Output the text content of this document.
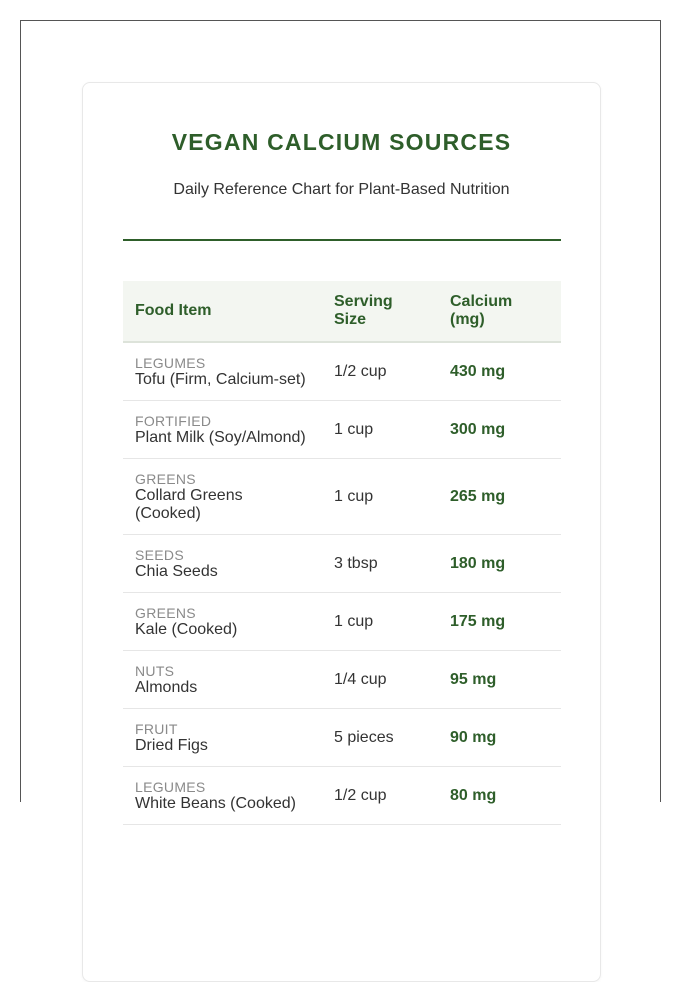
VEGAN CALCIUM SOURCES

Daily Reference Chart for Plant-Based Nutrition

Food Item	Serving Size	Calcium (mg)

LEGUMES
Tofu (Firm, Calcium-set)	1/2 cup	430 mg

FORTIFIED
Plant Milk (Soy/Almond)	1 cup	300 mg

GREENS
Collard Greens (Cooked)	1 cup	265 mg

SEEDS
Chia Seeds	3 tbsp	180 mg

GREENS
Kale (Cooked)	1 cup	175 mg

NUTS
Almonds	1/4 cup	95 mg

FRUIT
Dried Figs	5 pieces	90 mg

LEGUMES
White Beans (Cooked)	1/2 cup	80 mg
